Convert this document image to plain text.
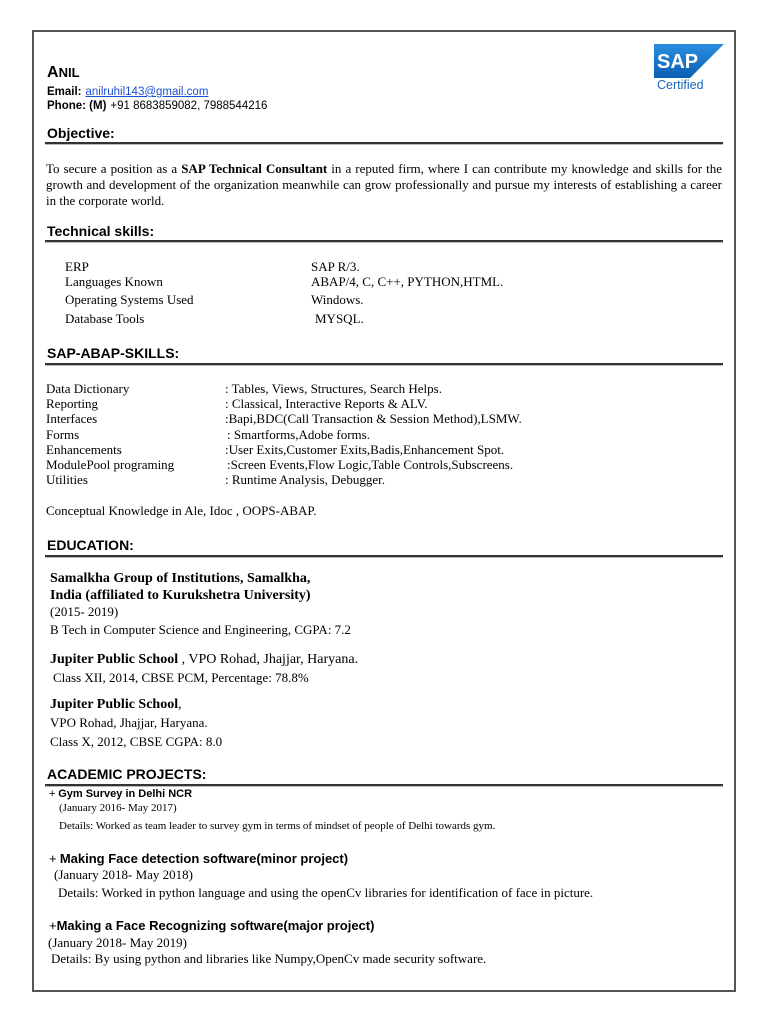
ANIL
Email: anilruhil143@gmail.com
Phone: (M) +91 8683859082, 7988544216
SAP
Certified
Objective:
To secure a position as a SAP Technical Consultant in a reputed firm, where I can contribute my knowledge and skills for the growth and development of the organization meanwhile can grow professionally and pursue my interests of establishing a career in the corporate world.
Technical skills:
ERP	SAP R/3.
Languages Known	ABAP/4, C, C++, PYTHON,HTML.
Operating Systems Used	Windows.
Database Tools	MYSQL.
SAP-ABAP-SKILLS:
Data Dictionary	: Tables, Views, Structures, Search Helps.
Reporting	: Classical, Interactive Reports & ALV.
Interfaces	:Bapi,BDC(Call Transaction & Session Method),LSMW.
Forms	: Smartforms,Adobe forms.
Enhancements	:User Exits,Customer Exits,Badis,Enhancement Spot.
ModulePool programing	:Screen Events,Flow Logic,Table Controls,Subscreens.
Utilities	: Runtime Analysis, Debugger.
Conceptual Knowledge in Ale, Idoc , OOPS-ABAP.
EDUCATION:
Samalkha Group of Institutions, Samalkha,
India (affiliated to Kurukshetra University)
(2015- 2019)
B Tech in Computer Science and Engineering, CGPA: 7.2
Jupiter Public School , VPO Rohad, Jhajjar, Haryana.
Class XII, 2014, CBSE PCM, Percentage: 78.8%
Jupiter Public School,
VPO Rohad, Jhajjar, Haryana.
Class X, 2012, CBSE CGPA: 8.0
ACADEMIC PROJECTS:
+ Gym Survey in Delhi NCR
(January 2016- May 2017)
Details: Worked as team leader to survey gym in terms of mindset of people of Delhi towards gym.
+ Making Face detection software(minor project)
(January 2018- May 2018)
Details: Worked in python language and using the openCv libraries for identification of face in picture.
+Making a Face Recognizing software(major project)
(January 2018- May 2019)
Details: By using python and libraries like Numpy,OpenCv made security software.
